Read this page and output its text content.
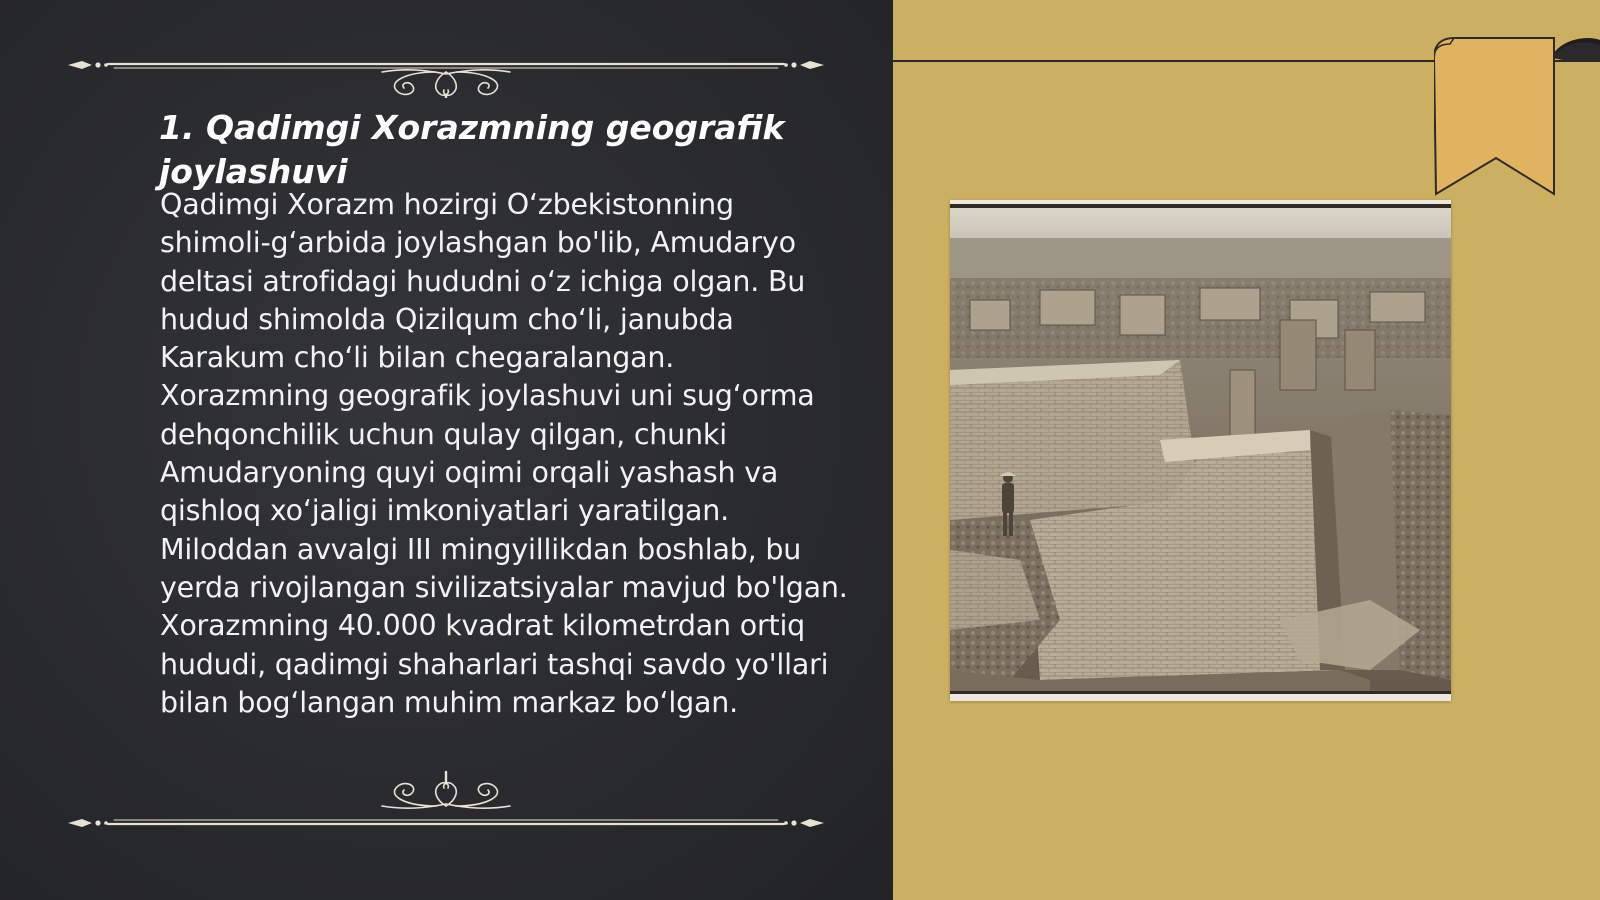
1. Qadimgi Xorazmning geografik joylashuvi

Qadimgi Xorazm hozirgi O‘zbekistonning shimoli-g‘arbida joylashgan bo'lib, Amudaryo deltasi atrofidagi hududni o‘z ichiga olgan. Bu hudud shimolda Qizilqum cho‘li, janubda Karakum cho‘li bilan chegaralangan. Xorazmning geografik joylashuvi uni sug‘orma dehqonchilik uchun qulay qilgan, chunki Amudaryoning quyi oqimi orqali yashash va qishloq xo‘jaligi imkoniyatlari yaratilgan. Miloddan avvalgi III mingyillikdan boshlab, bu yerda rivojlangan sivilizatsiyalar mavjud bo'lgan. Xorazmning 40.000 kvadrat kilometrdan ortiq hududi, qadimgi shaharlari tashqi savdo yo'llari bilan bog‘langan muhim markaz bo‘lgan.
